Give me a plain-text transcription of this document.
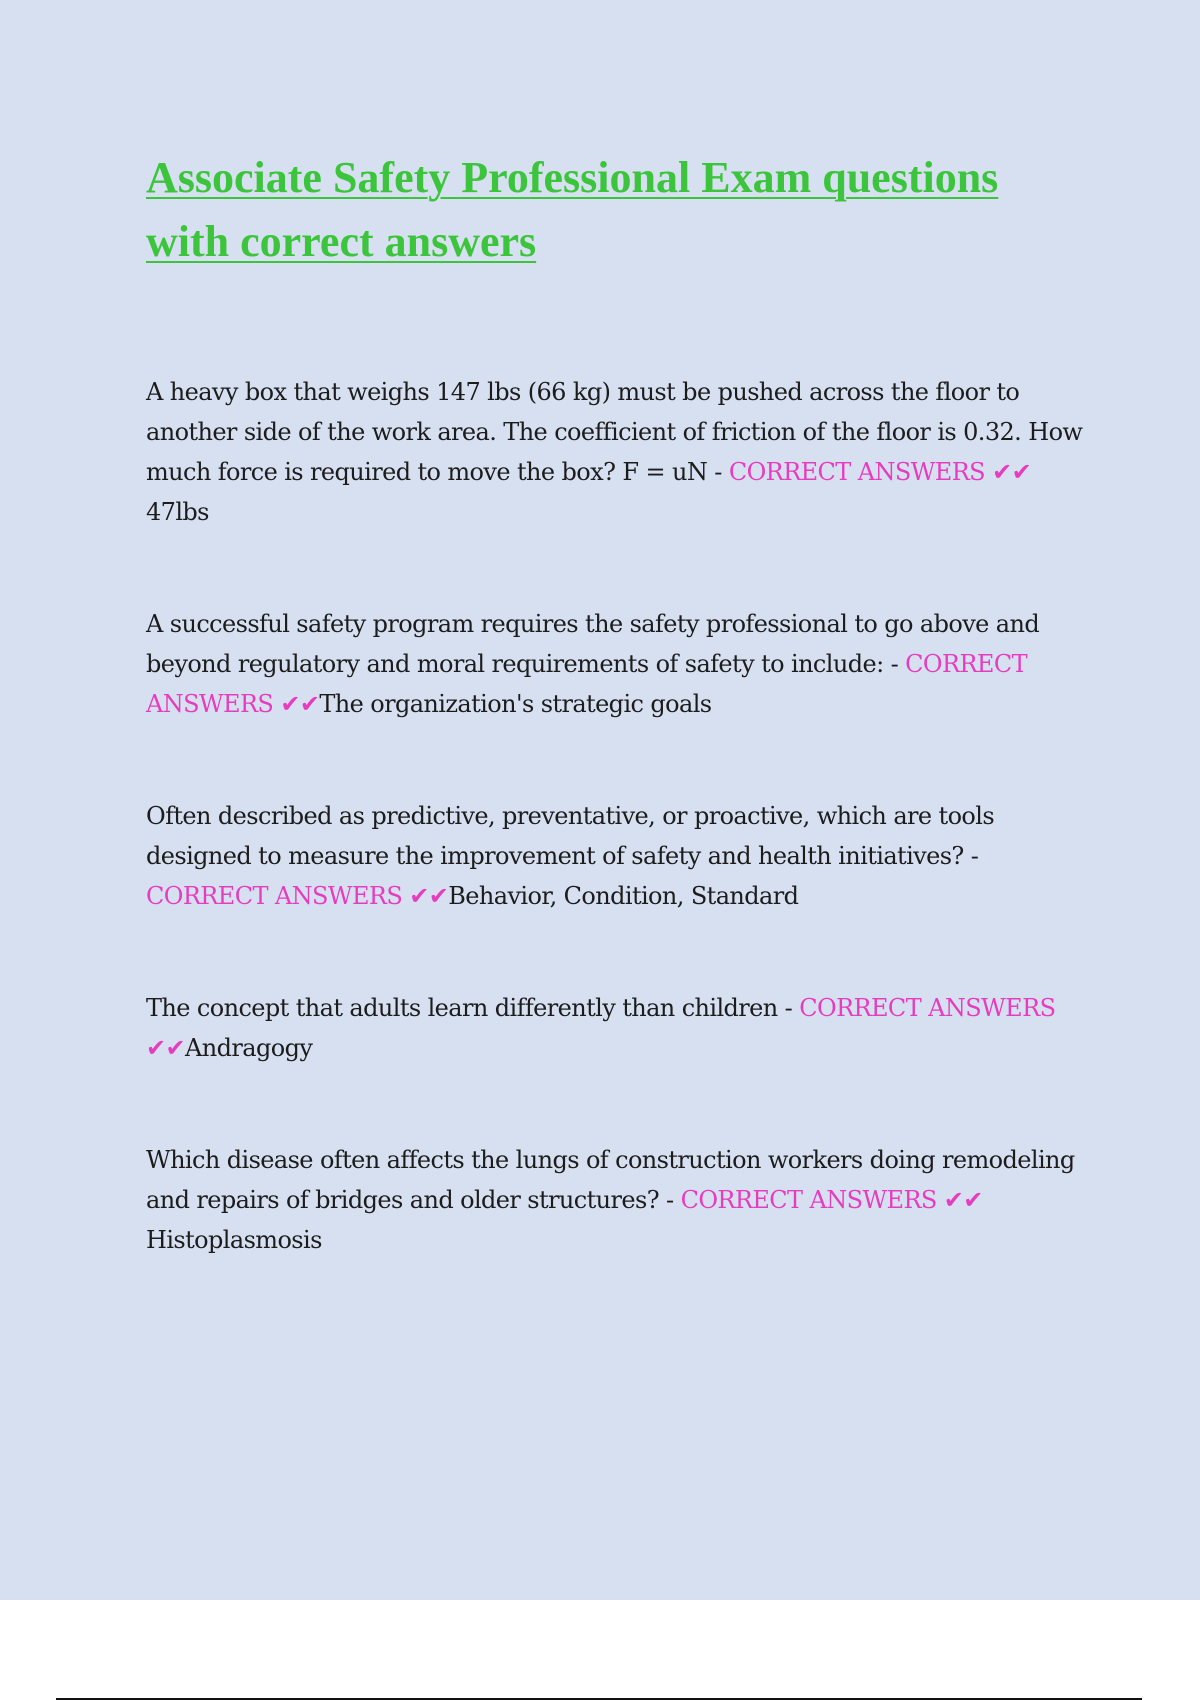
Associate Safety Professional Exam questions with correct answers

A heavy box that weighs 147 lbs (66 kg) must be pushed across the floor to another side of the work area. The coefficient of friction of the floor is 0.32. How much force is required to move the box? F = uN - CORRECT ANSWERS ✔✔47lbs

A successful safety program requires the safety professional to go above and beyond regulatory and moral requirements of safety to include: - CORRECT ANSWERS ✔✔The organization's strategic goals

Often described as predictive, preventative, or proactive, which are tools designed to measure the improvement of safety and health initiatives? - CORRECT ANSWERS ✔✔Behavior, Condition, Standard

The concept that adults learn differently than children - CORRECT ANSWERS ✔✔Andragogy

Which disease often affects the lungs of construction workers doing remodeling and repairs of bridges and older structures? - CORRECT ANSWERS ✔✔Histoplasmosis
